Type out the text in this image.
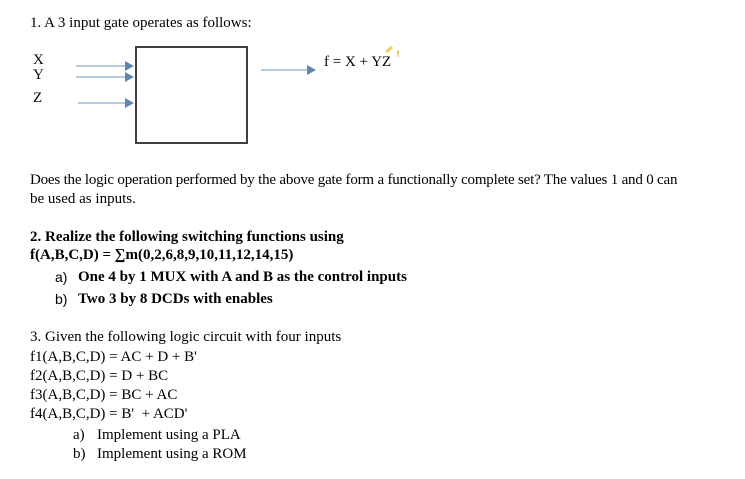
1. A 3 input gate operates as follows:
X
Y
Z
f = X + YZ '
Does the logic operation performed by the above gate form a functionally complete set? The values 1 and 0 can
be used as inputs.
2. Realize the following switching functions using
f(A,B,C,D) = ∑m(0,2,6,8,9,10,11,12,14,15)
a) One 4 by 1 MUX with A and B as the control inputs
b) Two 3 by 8 DCDs with enables
3. Given the following logic circuit with four inputs
f1(A,B,C,D) = AC + D + B'
f2(A,B,C,D) = D + BC
f3(A,B,C,D) = BC + AC
f4(A,B,C,D) = B'  + ACD'
a) Implement using a PLA
b) Implement using a ROM
